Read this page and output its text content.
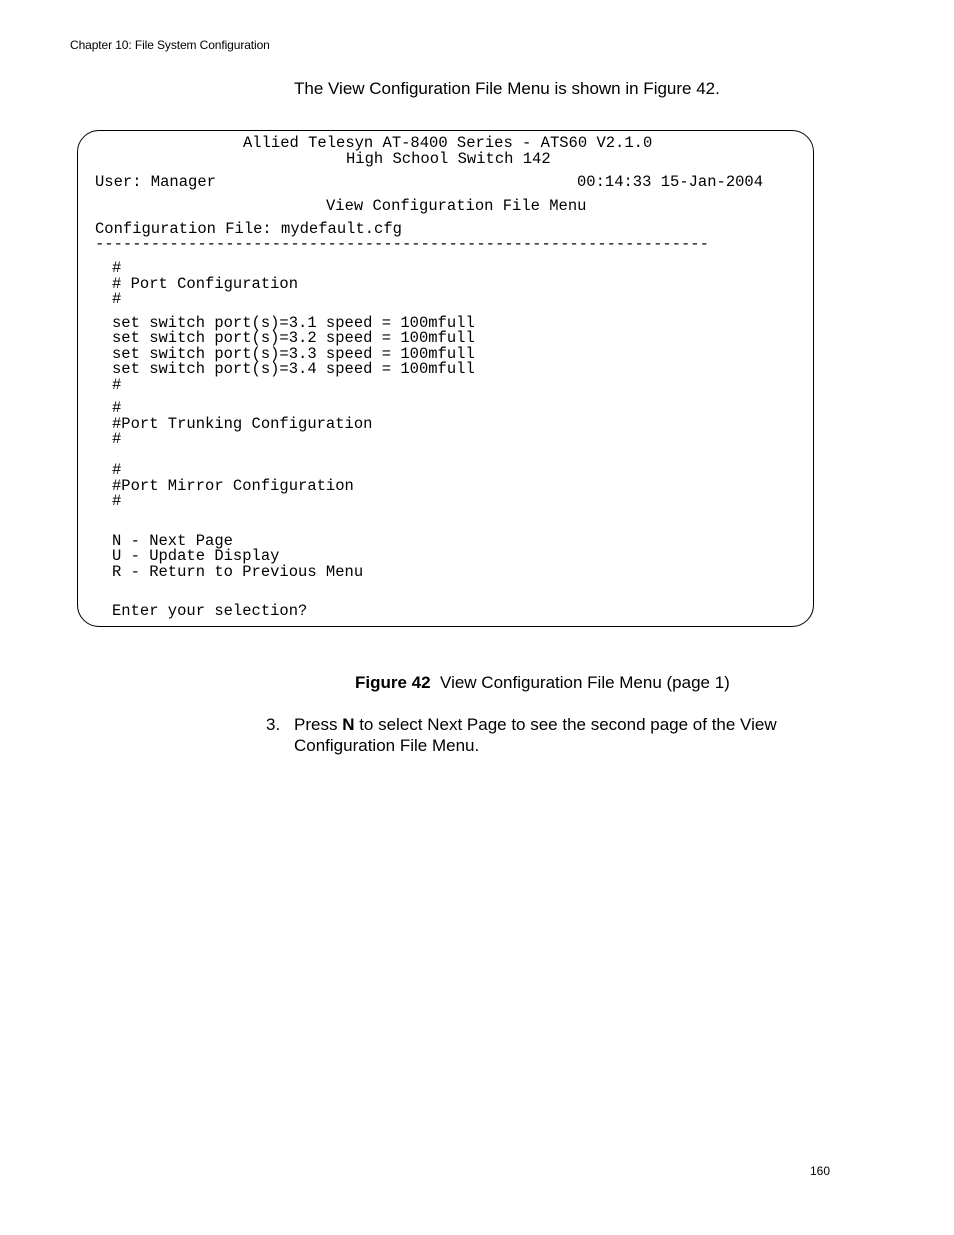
Chapter 10: File System Configuration
The View Configuration File Menu is shown in Figure 42.
Allied Telesyn AT-8400 Series - ATS60 V2.1.0
High School Switch 142
User: Manager	00:14:33 15-Jan-2004
View Configuration File Menu
Configuration File: mydefault.cfg
------------------------------------------------------------------
#
# Port Configuration
#
set switch port(s)=3.1 speed = 100mfull
set switch port(s)=3.2 speed = 100mfull
set switch port(s)=3.3 speed = 100mfull
set switch port(s)=3.4 speed = 100mfull
#
#
#Port Trunking Configuration
#
#
#Port Mirror Configuration
#
N - Next Page
U - Update Display
R - Return to Previous Menu
Enter your selection?
Figure 42 View Configuration File Menu (page 1)
3. Press N to select Next Page to see the second page of the View Configuration File Menu.
160
